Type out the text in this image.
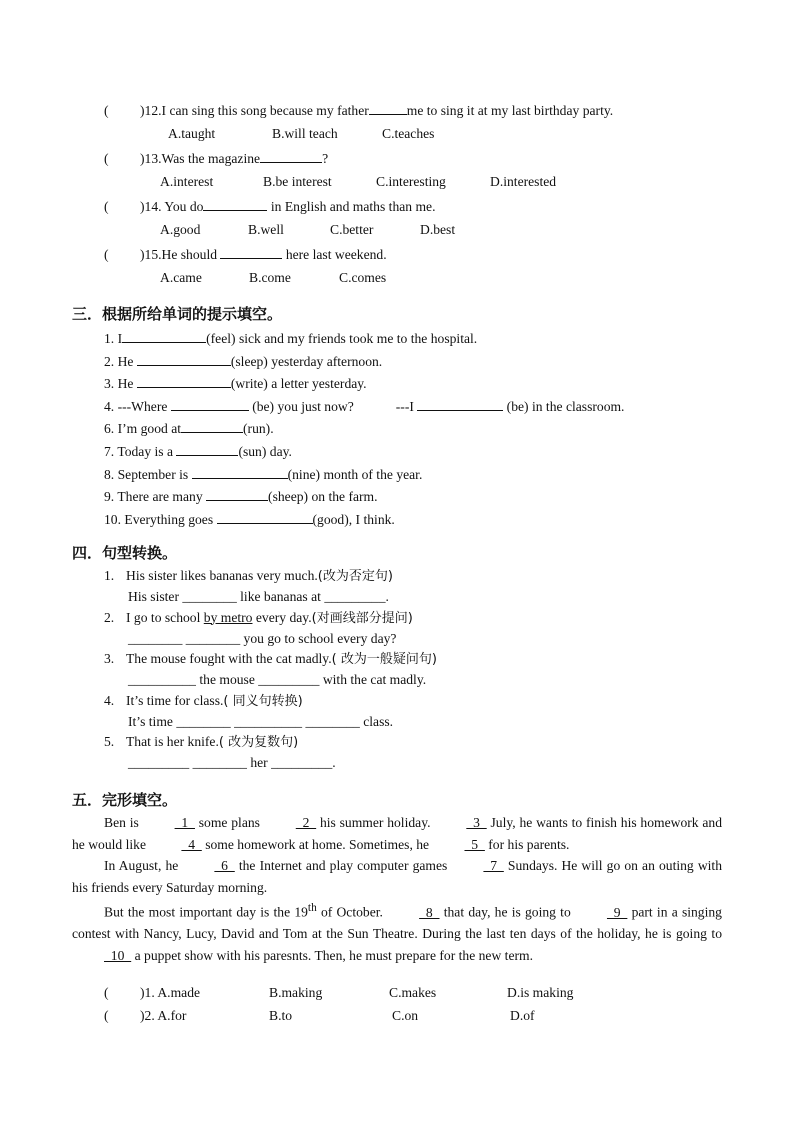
( )12.I can sing this song because my father	me to sing it at my last birthday party.
A.taught	B.will teach	C.teaches
( )13.Was the magazine	?
A.interest	B.be interest	C.interesting	D.interested
( )14. You do	in English and maths than me.
A.good	B.well	C.better	D.best
( )15.He should	here last weekend.
A.came	B.come	C.comes
三．根据所给单词的提示填空。
1. I	(feel) sick and my friends took me to the hospital.
2. He	(sleep) yesterday afternoon.
3. He	(write) a letter yesterday.
4. ---Where	(be) you just now?	---I	(be) in the classroom.
6. I’m good at	(run).
7. Today is a	(sun) day.
8. September is	(nine) month of the year.
9. There are many	(sheep) on the farm.
10. Everything goes	(good), I think.
四．句型转换。
1. His sister likes bananas very much.(改为否定句)
His sister ________ like bananas at _________.
2. I go to school by metro every day.(对画线部分提问)
________ ________ you go to school every day?
3. The mouse fought with the cat madly.( 改为一般疑问句)
__________ the mouse _________ with the cat madly.
4. It’s time for class.( 同义句转换)
It’s time ________ __________ ________ class.
5. That is her knife.( 改为复数句)
_________ ________ her _________.
五．完形填空。

Ben is   1   some plans   2   his summer holiday.   3   July, he wants to finish his homework and he would like   4   some homework at home. Sometimes, he   5   for his parents.

In August, he   6   the Internet and play computer games   7   Sundays. He will go on an outing with his friends every Saturday morning.

But the most important day is the 19th of October.   8   that day, he is going to   9   part in a singing contest with Nancy, Lucy, David and Tom at the Sun Theatre. During the last ten days of the holiday, he is going to   10   a puppet show with his paresnts. Then, he must prepare for the new term.

( )1. A.made	B.making	C.makes	D.is making
( )2. A.for	B.to	C.on	D.of
